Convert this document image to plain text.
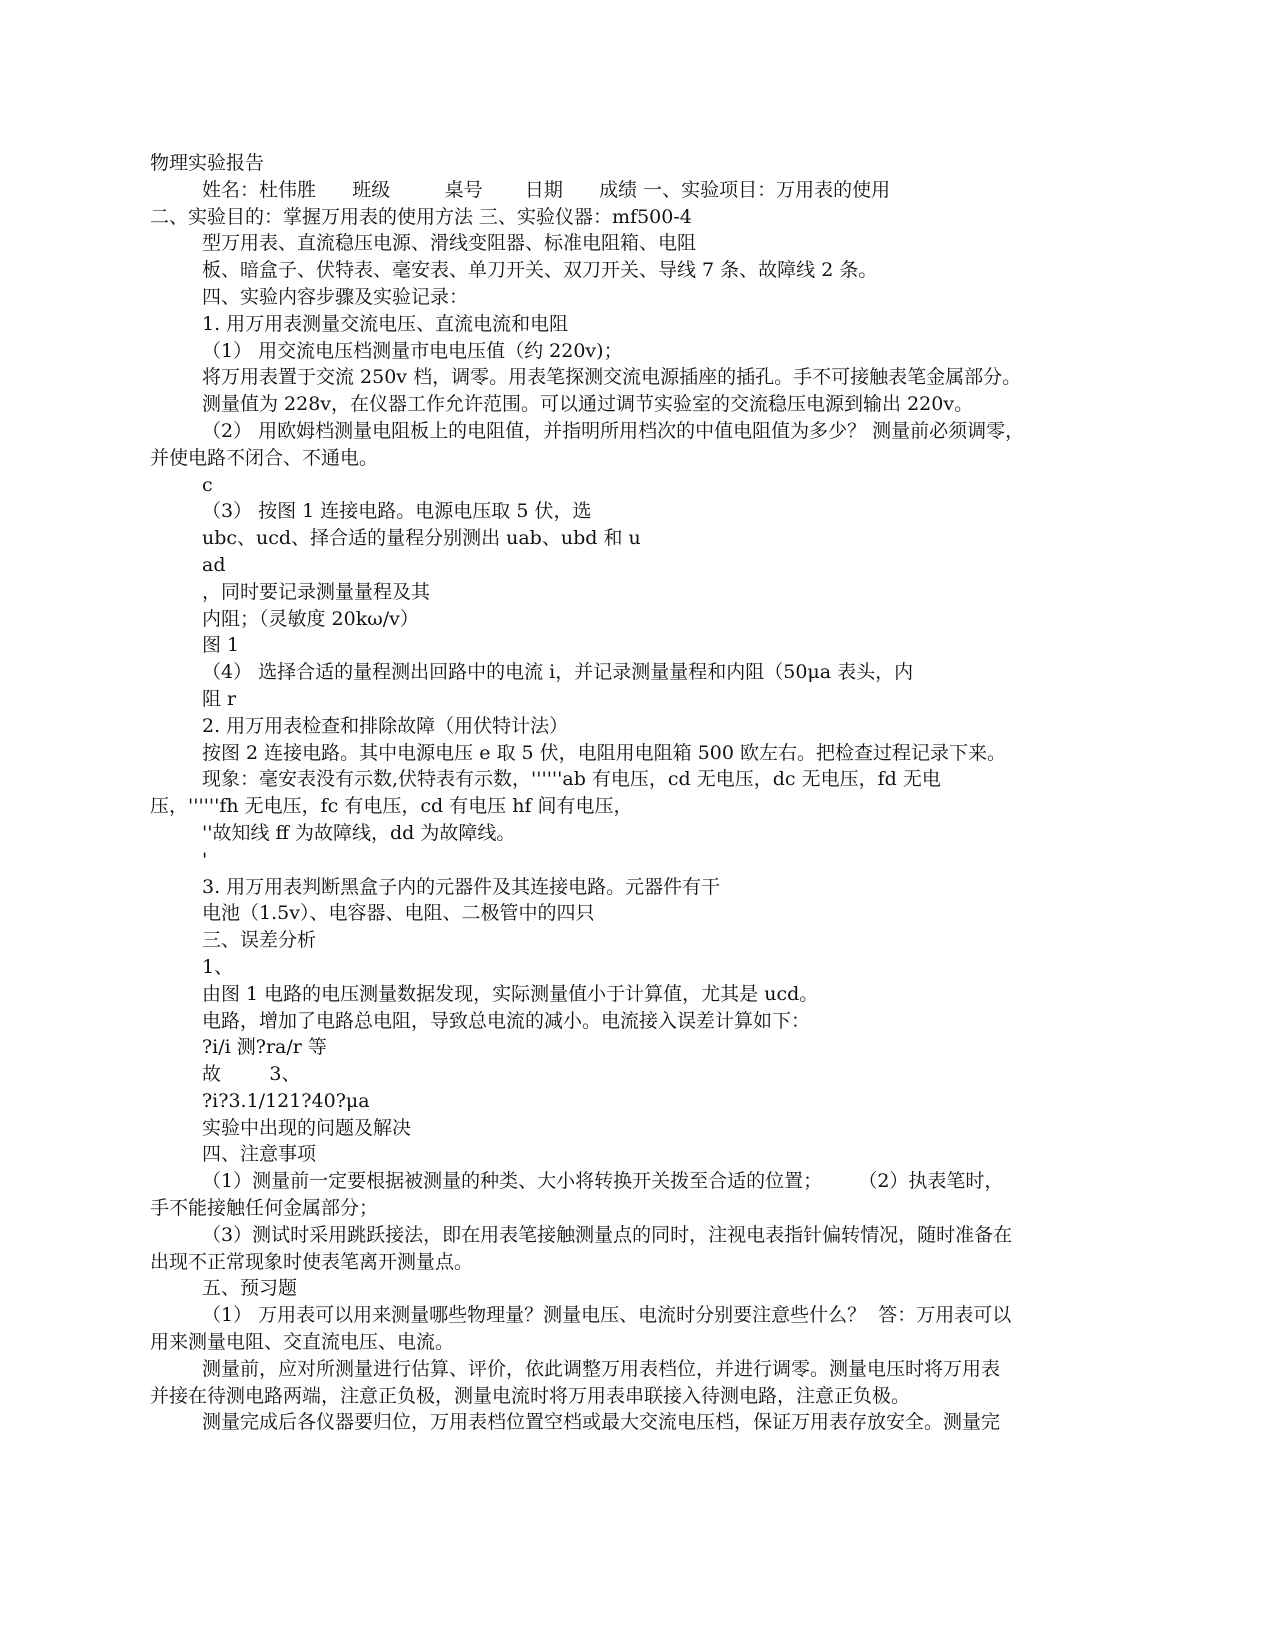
物理实验报告
姓名：杜伟胜      班级         桌号       日期      成绩 一、实验项目：万用表的使用
二、实验目的：掌握万用表的使用方法 三、实验仪器：mf500-4
型万用表、直流稳压电源、滑线变阻器、标准电阻箱、电阻
板、暗盒子、伏特表、毫安表、单刀开关、双刀开关、导线 7 条、故障线 2 条。
四、实验内容步骤及实验记录：
1. 用万用表测量交流电压、直流电流和电阻
（1） 用交流电压档测量市电电压值（约 220v)；
将万用表置于交流 250v 档，调零。用表笔探测交流电源插座的插孔。手不可接触表笔金属部分。
测量值为 228v，在仪器工作允许范围。可以通过调节实验室的交流稳压电源到输出 220v。
（2） 用欧姆档测量电阻板上的电阻值，并指明所用档次的中值电阻值为多少？ 测量前必须调零，
并使电路不闭合、不通电。
c
（3） 按图 1 连接电路。电源电压取 5 伏，选
ubc、ucd、择合适的量程分别测出 uab、ubd 和 u
ad
，同时要记录测量量程及其
内阻；（灵敏度 20kω/v）
图 1
（4） 选择合适的量程测出回路中的电流 i，并记录测量量程和内阻（50μa 表头，内
阻 r
2. 用万用表检查和排除故障（用伏特计法）
按图 2 连接电路。其中电源电压 e 取 5 伏，电阻用电阻箱 500 欧左右。把检查过程记录下来。
现象：毫安表没有示数,伏特表有示数，''''''ab 有电压，cd 无电压，dc 无电压，fd 无电
压，''''''fh 无电压，fc 有电压，cd 有电压 hf 间有电压，
''故知线 ff 为故障线，dd 为故障线。
'
3. 用万用表判断黑盒子内的元器件及其连接电路。元器件有干
电池（1.5v）、电容器、电阻、二极管中的四只
三、误差分析
1、
由图 1 电路的电压测量数据发现，实际测量值小于计算值，尤其是 ucd。
电路，增加了电路总电阻，导致总电流的减小。电流接入误差计算如下：
?i/i 测?ra/r 等
故        3、
?i?3.1/121?40?μa
实验中出现的问题及解决
四、注意事项
（1）测量前一定要根据被测量的种类、大小将转换开关拨至合适的位置；      （2）执表笔时，
手不能接触任何金属部分；
（3）测试时采用跳跃接法，即在用表笔接触测量点的同时，注视电表指针偏转情况，随时准备在
出现不正常现象时使表笔离开测量点。
五、预习题
（1） 万用表可以用来测量哪些物理量？测量电压、电流时分别要注意些什么？  答：万用表可以
用来测量电阻、交直流电压、电流。
测量前，应对所测量进行估算、评价，依此调整万用表档位，并进行调零。测量电压时将万用表
并接在待测电路两端，注意正负极，测量电流时将万用表串联接入待测电路，注意正负极。
测量完成后各仪器要归位，万用表档位置空档或最大交流电压档，保证万用表存放安全。测量完
